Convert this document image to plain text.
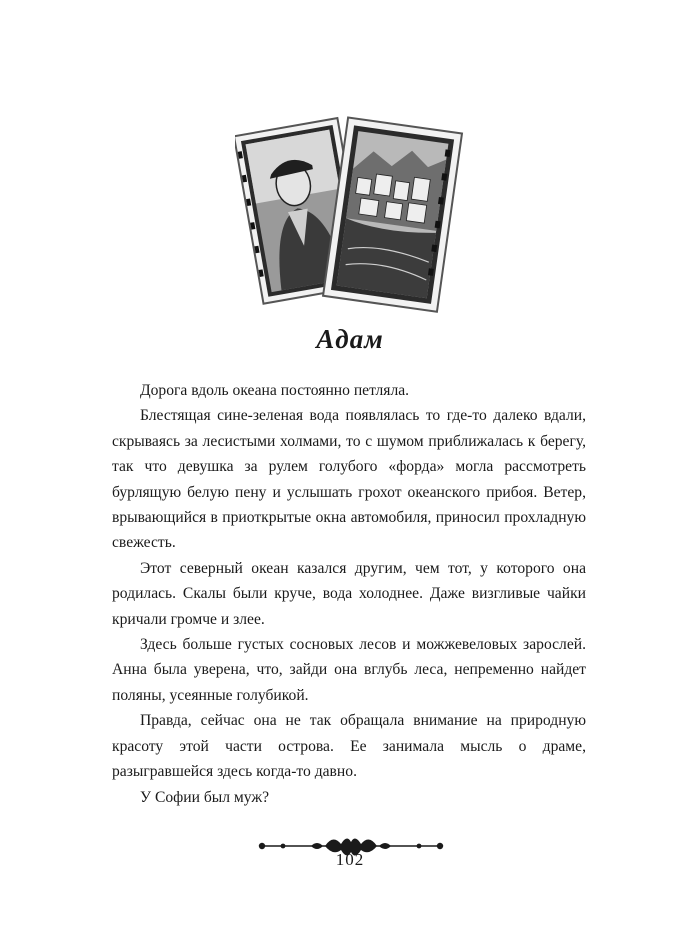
Адам

Дорога вдоль океана постоянно петляла.

Блестящая сине-зеленая вода появлялась то где-то далеко вдали, скрываясь за лесистыми холмами, то с шумом приближалась к берегу, так что девушка за рулем голубого «форда» могла рассмотреть бурлящую белую пену и услышать грохот океанского прибоя. Ветер, врывающийся в приоткрытые окна автомобиля, приносил прохладную свежесть.

Этот северный океан казался другим, чем тот, у которого она родилась. Скалы были круче, вода холоднее. Даже визгливые чайки кричали громче и злее.

Здесь больше густых сосновых лесов и можжевеловых зарослей. Анна была уверена, что, зайди она вглубь леса, непременно найдет поляны, усеянные голубикой.

Правда, сейчас она не так обращала внимание на природную красоту этой части острова. Ее занимала мысль о драме, разыгравшейся здесь когда-то давно.

У Софии был муж?

102
